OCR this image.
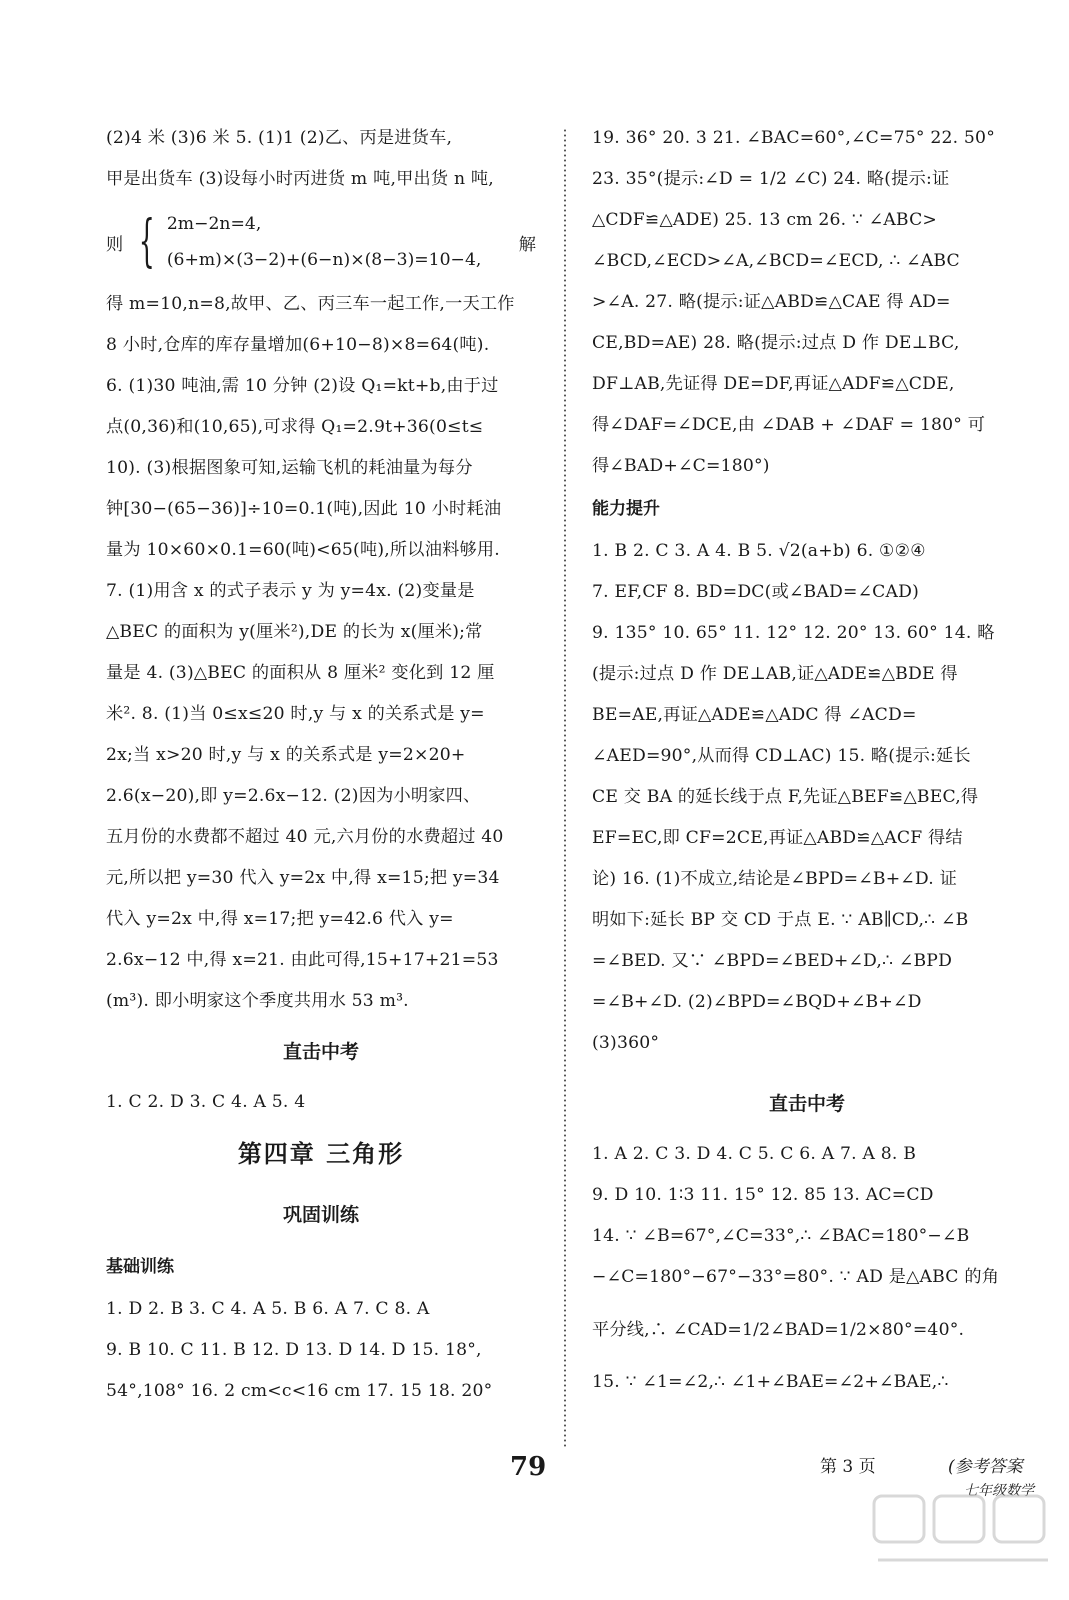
(2)4 米 (3)6 米 5. (1)1 (2)乙、丙是进货车,
甲是出货车 (3)设每小时丙进货 m 吨,甲出货 n 吨,
则 { 2m−2n=4,
(6+m)×(3−2)+(6−n)×(8−3)=10−4,
解
得 m=10,n=8,故甲、乙、丙三车一起工作,一天工作
8 小时,仓库的库存量增加(6+10−8)×8=64(吨).
6. (1)30 吨油,需 10 分钟 (2)设 Q₁=kt+b,由于过
点(0,36)和(10,65),可求得 Q₁=2.9t+36(0≤t≤
10). (3)根据图象可知,运输飞机的耗油量为每分
钟[30−(65−36)]÷10=0.1(吨),因此 10 小时耗油
量为 10×60×0.1=60(吨)<65(吨),所以油料够用.
7. (1)用含 x 的式子表示 y 为 y=4x. (2)变量是
△BEC 的面积为 y(厘米²),DE 的长为 x(厘米);常
量是 4. (3)△BEC 的面积从 8 厘米² 变化到 12 厘
米². 8. (1)当 0≤x≤20 时,y 与 x 的关系式是 y=
2x;当 x>20 时,y 与 x 的关系式是 y=2×20+
2.6(x−20),即 y=2.6x−12. (2)因为小明家四、
五月份的水费都不超过 40 元,六月份的水费超过 40
元,所以把 y=30 代入 y=2x 中,得 x=15;把 y=34
代入 y=2x 中,得 x=17;把 y=42.6 代入 y=
2.6x−12 中,得 x=21. 由此可得,15+17+21=53
(m³). 即小明家这个季度共用水 53 m³.
直击中考
1. C 2. D 3. C 4. A 5. 4
第四章 三角形
巩固训练
基础训练
1. D 2. B 3. C 4. A 5. B 6. A 7. C 8. A
9. B 10. C 11. B 12. D 13. D 14. D 15. 18°,
54°,108° 16. 2 cm<c<16 cm 17. 15 18. 20°
19. 36° 20. 3 21. ∠BAC=60°,∠C=75° 22. 50°
23. 35°(提示:∠D = 1/2 ∠C) 24. 略(提示:证
△CDF≌△ADE) 25. 13 cm 26. ∵ ∠ABC>
∠BCD,∠ECD>∠A,∠BCD=∠ECD, ∴ ∠ABC
>∠A. 27. 略(提示:证△ABD≌△CAE 得 AD=
CE,BD=AE) 28. 略(提示:过点 D 作 DE⊥BC,
DF⊥AB,先证得 DE=DF,再证△ADF≌△CDE,
得∠DAF=∠DCE,由 ∠DAB + ∠DAF = 180° 可
得∠BAD+∠C=180°)
能力提升
1. B 2. C 3. A 4. B 5. √2(a+b) 6. ①②④
7. EF,CF 8. BD=DC(或∠BAD=∠CAD)
9. 135° 10. 65° 11. 12° 12. 20° 13. 60° 14. 略
(提示:过点 D 作 DE⊥AB,证△ADE≌△BDE 得
BE=AE,再证△ADE≌△ADC 得 ∠ACD=
∠AED=90°,从而得 CD⊥AC) 15. 略(提示:延长
CE 交 BA 的延长线于点 F,先证△BEF≌△BEC,得
EF=EC,即 CF=2CE,再证△ABD≌△ACF 得结
论) 16. (1)不成立,结论是∠BPD=∠B+∠D. 证
明如下:延长 BP 交 CD 于点 E. ∵ AB∥CD,∴ ∠B
=∠BED. 又∵ ∠BPD=∠BED+∠D,∴ ∠BPD
=∠B+∠D. (2)∠BPD=∠BQD+∠B+∠D
(3)360°
直击中考
1. A 2. C 3. D 4. C 5. C 6. A 7. A 8. B
9. D 10. 1∶3 11. 15° 12. 85 13. AC=CD
14. ∵ ∠B=67°,∠C=33°,∴ ∠BAC=180°−∠B
−∠C=180°−67°−33°=80°. ∵ AD 是△ABC 的角
平分线,∴ ∠CAD=1/2∠BAD=1/2×80°=40°.
15. ∵ ∠1=∠2,∴ ∠1+∠BAE=∠2+∠BAE,∴
79	第 3 页	(参考答案
七年级数学
